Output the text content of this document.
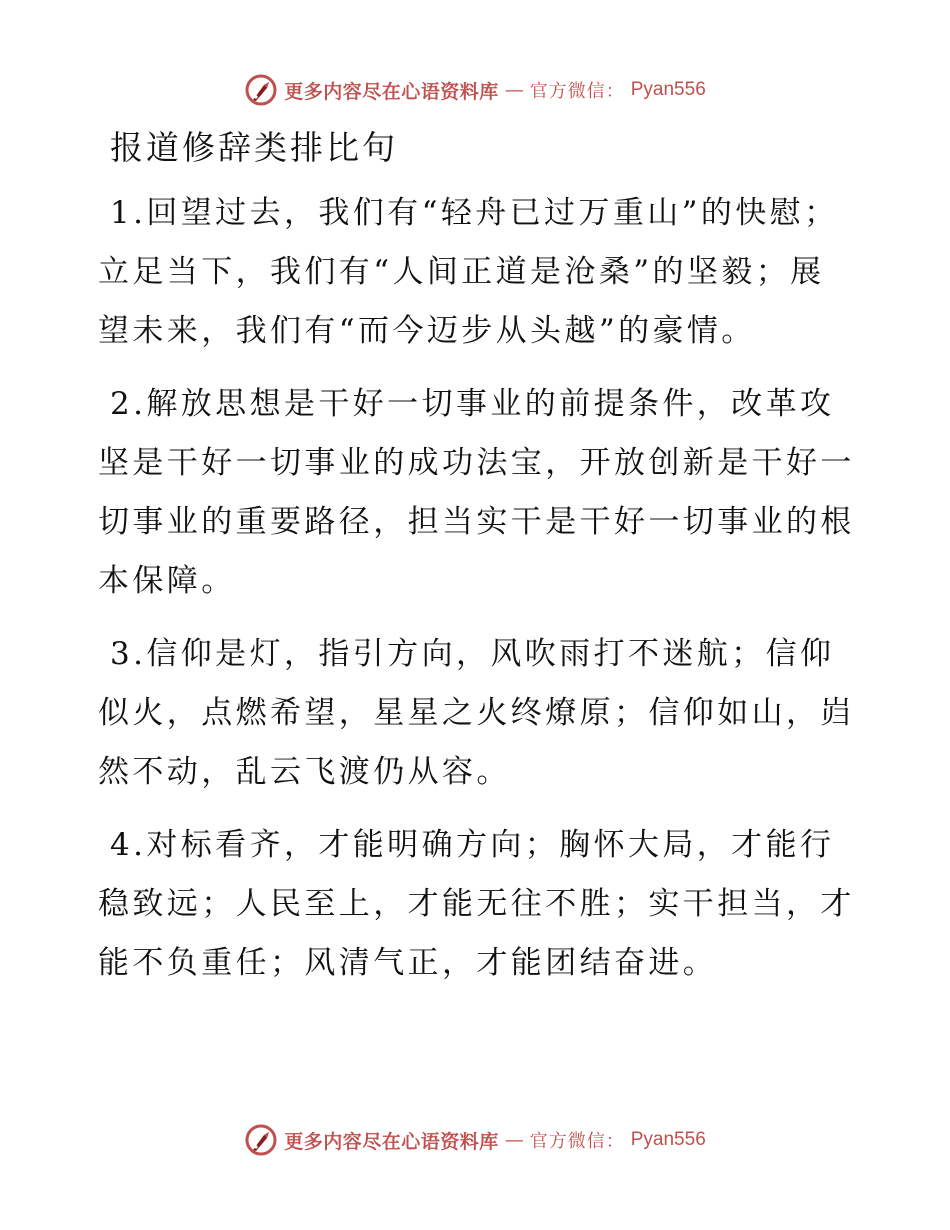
更多内容尽在心语资料库 — 官方微信： Pyan556
报道修辞类排比句

1.回望过去，我们有“轻舟已过万重山”的快慰；立足当下，我们有“人间正道是沧桑”的坚毅；展望未来，我们有“而今迈步从头越”的豪情。

2.解放思想是干好一切事业的前提条件，改革攻坚是干好一切事业的成功法宝，开放创新是干好一切事业的重要路径，担当实干是干好一切事业的根本保障。

3.信仰是灯，指引方向，风吹雨打不迷航；信仰似火，点燃希望，星星之火终燎原；信仰如山，岿然不动，乱云飞渡仍从容。

4.对标看齐，才能明确方向；胸怀大局，才能行稳致远；人民至上，才能无往不胜；实干担当，才能不负重任；风清气正，才能团结奋进。

更多内容尽在心语资料库 — 官方微信： Pyan556
